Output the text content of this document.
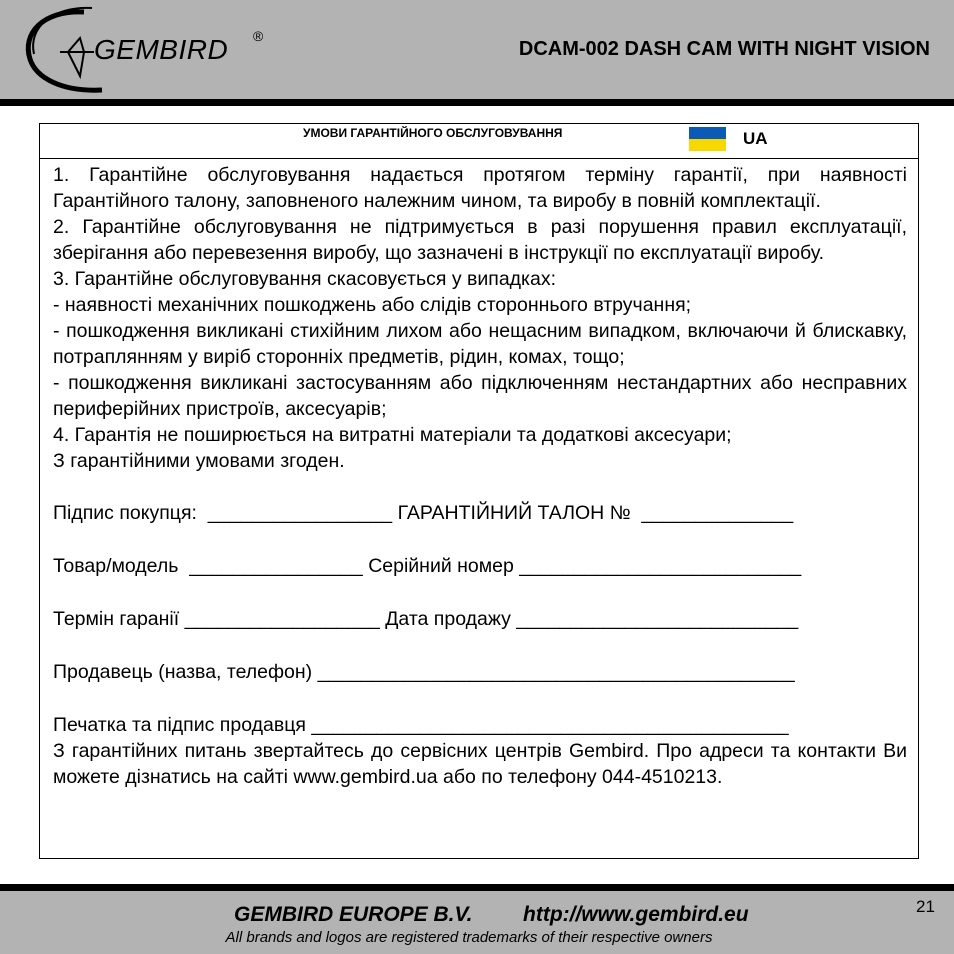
GEMBIRD ®
DCAM-002 DASH CAM WITH NIGHT VISION
УМОВИ ГАРАНТІЙНОГО ОБСЛУГОВУВАННЯ	UA

1. Гарантійне обслуговування надається протягом терміну гарантії, при наявності Гарантійного талону, заповненого належним чином, та виробу в повній комплектації.

2. Гарантійне обслуговування не підтримується в разі порушення правил експлуатації, зберігання або перевезення виробу, що зазначені в інструкції по експлуатації виробу.

3. Гарантійне обслуговування скасовується у випадках:

- наявності механічних пошкоджень або слідів стороннього втручання;

- пошкодження викликані стихійним лихом або нещасним випадком, включаючи й блискавку, потраплянням у виріб сторонніх предметів, рідин, комах, тощо;

- пошкодження викликані застосуванням або підключенням нестандартних або несправних периферійних пристроїв, аксесуарів;

4. Гарантія не поширюється на витратні матеріали та додаткові аксесуари;

З гарантійними умовами згоден.

Підпис покупця:  _________________ ГАРАНТІЙНИЙ ТАЛОН №  ______________
Товар/модель  ________________ Серійний номер __________________________
Термін гаранії __________________ Дата продажу __________________________
Продавець (назва, телефон) ____________________________________________
Печатка та підпис продавця ____________________________________________

З гарантійних питань звертайтесь до сервісних центрів Gembird. Про адреси та контакти Ви можете дізнатись на сайті www.gembird.ua або по телефону 044-4510213.

GEMBIRD EUROPE B.V. http://www.gembird.eu
All brands and logos are registered trademarks of their respective owners
21
